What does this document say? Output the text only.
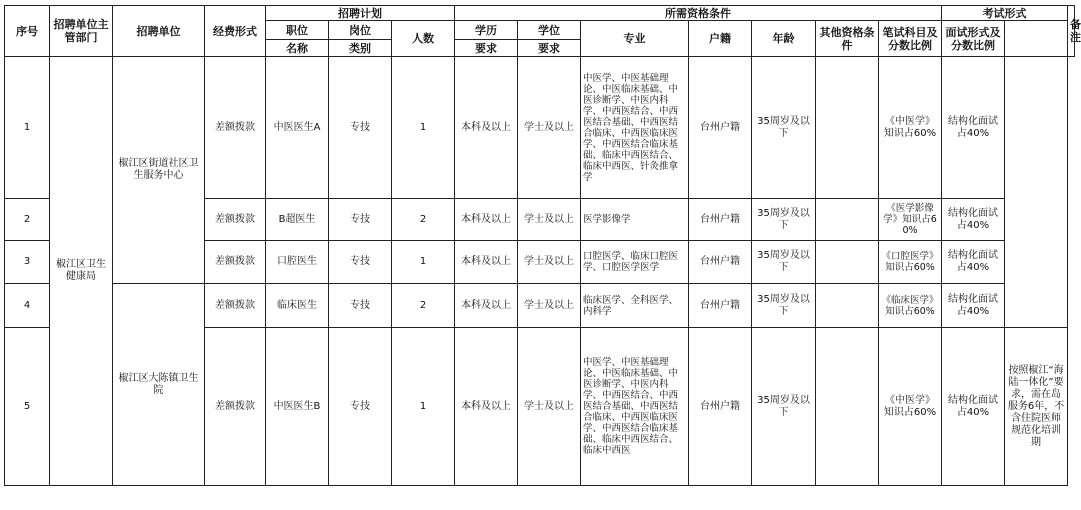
序号	招聘单位主管部门	招聘单位	经费形式	招聘计划			所需资格条件							考试形式		备注
				职位	岗位	人数	学历	学位	专业	户籍	年龄	其他资格条件	笔试科目及分数比例	面试形式及分数比例		
				名称	类别		要求	要求								
1	椒江区卫生健康局	椒江区街道社区卫生服务中心	差额拨款	中医医生A	专技	1	本科及以上	学士及以上	中医学、中医基础理论、中医临床基础、中医诊断学、中医内科学、中西医结合、中西医结合基础、中西医结合临床、中西医临床医学、中西医结合临床基础、临床中西医结合、临床中西医、针灸推拿学	台州户籍	35周岁及以下		《中医学》知识占60%	结构化面试占40%		
2			差额拨款	B超医生	专技	2	本科及以上	学士及以上	医学影像学	台州户籍	35周岁及以下		《医学影像学》知识占60%	结构化面试占40%		
3			差额拨款	口腔医生	专技	1	本科及以上	学士及以上	口腔医学、临床口腔医学、口腔医学医学	台州户籍	35周岁及以下		《口腔医学》知识占60%	结构化面试占40%		
4		椒江区大陈镇卫生院	差额拨款	临床医生	专技	2	本科及以上	学士及以上	临床医学、全科医学、内科学	台州户籍	35周岁及以下		《临床医学》知识占60%	结构化面试占40%		
5			差额拨款	中医医生B	专技	1	本科及以上	学士及以上	中医学、中医基础理论、中医临床基础、中医诊断学、中医内科学、中西医结合、中西医结合基础、中西医结合临床、中西医临床医学、中西医结合临床基础、临床中西医结合、临床中西医	台州户籍	35周岁及以下		《中医学》知识占60%	结构化面试占40%	按照椒江“海陆一体化”要求，需在岛服务6年，不含住院医师规范化培训期	
